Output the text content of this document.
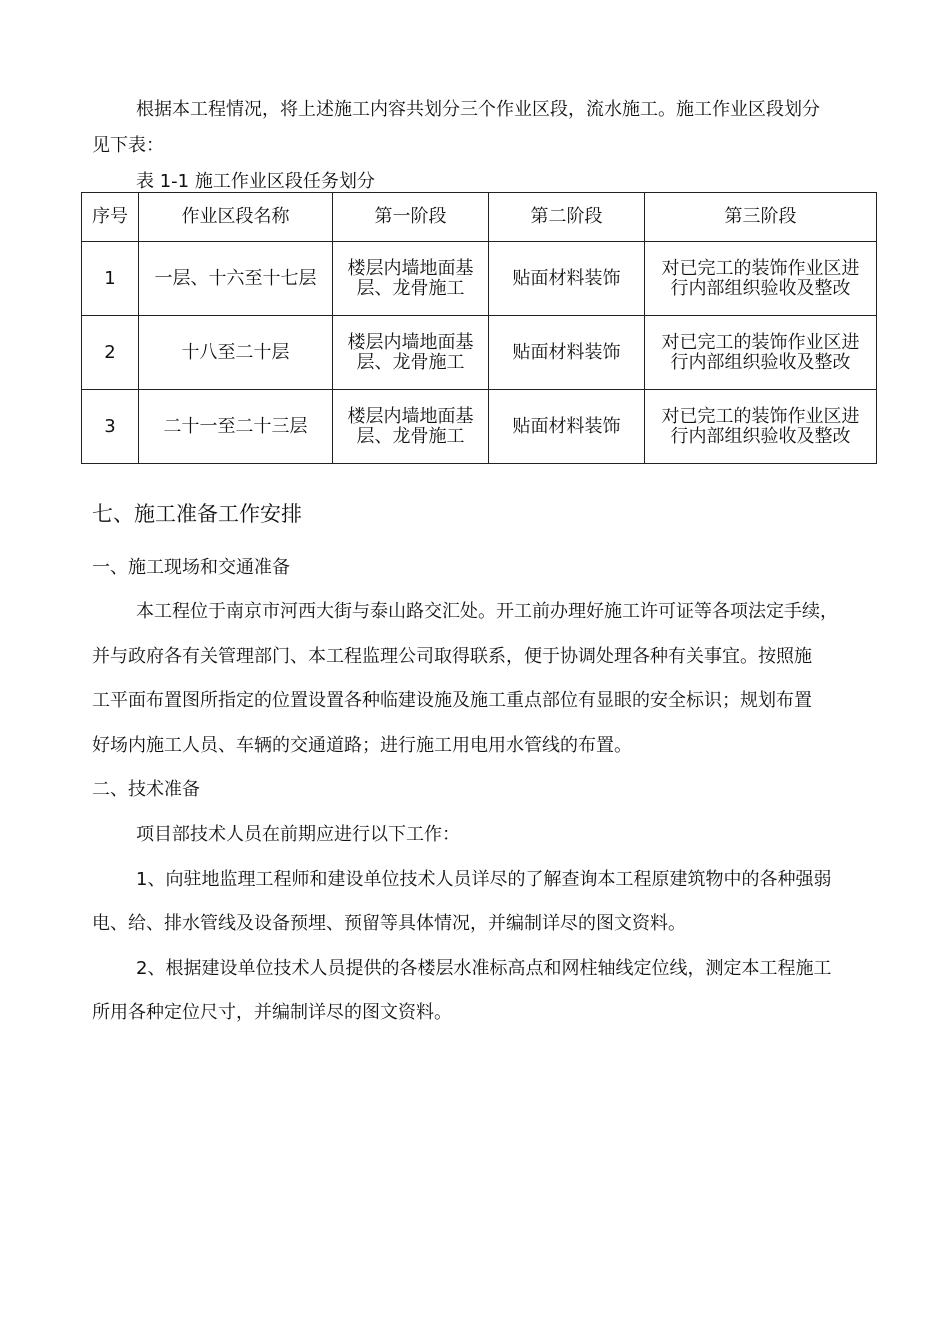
根据本工程情况，将上述施工内容共划分三个作业区段，流水施工。施工作业区段划分
见下表：
表 1-1 施工作业区段任务划分
序号	作业区段名称	第一阶段	第二阶段	第三阶段
1	一层、十六至十七层	楼层内墙地面基
层、龙骨施工	贴面材料装饰	对已完工的装饰作业区进
行内部组织验收及整改
2	十八至二十层	楼层内墙地面基
层、龙骨施工	贴面材料装饰	对已完工的装饰作业区进
行内部组织验收及整改
3	二十一至二十三层	楼层内墙地面基
层、龙骨施工	贴面材料装饰	对已完工的装饰作业区进
行内部组织验收及整改
七、施工准备工作安排
一、施工现场和交通准备
本工程位于南京市河西大街与泰山路交汇处。开工前办理好施工许可证等各项法定手续，
并与政府各有关管理部门、本工程监理公司取得联系，便于协调处理各种有关事宜。按照施
工平面布置图所指定的位置设置各种临建设施及施工重点部位有显眼的安全标识；规划布置
好场内施工人员、车辆的交通道路；进行施工用电用水管线的布置。
二、技术准备
项目部技术人员在前期应进行以下工作：
1、向驻地监理工程师和建设单位技术人员详尽的了解查询本工程原建筑物中的各种强弱
电、给、排水管线及设备预埋、预留等具体情况，并编制详尽的图文资料。
2、根据建设单位技术人员提供的各楼层水准标高点和网柱轴线定位线，测定本工程施工
所用各种定位尺寸，并编制详尽的图文资料。
